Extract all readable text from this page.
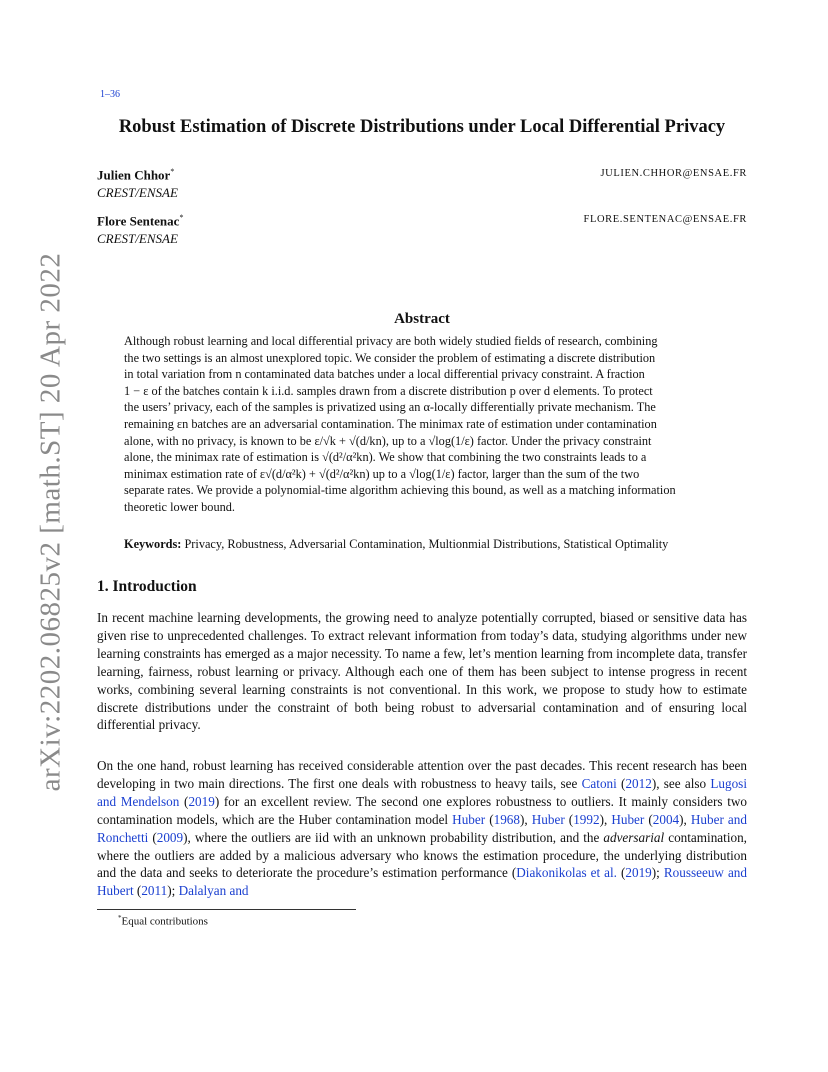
arXiv:2202.06825v2 [math.ST] 20 Apr 2022
1–36
Robust Estimation of Discrete Distributions under Local Differential Privacy
Julien Chhor*	JULIEN.CHHOR@ENSAE.FR
CREST/ENSAE
Flore Sentenac*	FLORE.SENTENAC@ENSAE.FR
CREST/ENSAE
Abstract
Although robust learning and local differential privacy are both widely studied fields of research, combining
the two settings is an almost unexplored topic. We consider the problem of estimating a discrete distribution
in total variation from n contaminated data batches under a local differential privacy constraint. A fraction
1 − ε of the batches contain k i.i.d. samples drawn from a discrete distribution p over d elements. To protect
the users’ privacy, each of the samples is privatized using an α-locally differentially private mechanism. The
remaining εn batches are an adversarial contamination. The minimax rate of estimation under contamination
alone, with no privacy, is known to be ε/√k + √(d/kn), up to a √log(1/ε) factor. Under the privacy constraint
alone, the minimax rate of estimation is √(d²/α²kn). We show that combining the two constraints leads to a
minimax estimation rate of ε√(d/α²k) + √(d²/α²kn) up to a √log(1/ε) factor, larger than the sum of the two
separate rates. We provide a polynomial-time algorithm achieving this bound, as well as a matching information
theoretic lower bound.
Keywords: Privacy, Robustness, Adversarial Contamination, Multionmial Distributions, Statistical Optimality
1. Introduction

In recent machine learning developments, the growing need to analyze potentially corrupted, biased or sensitive data has given rise to unprecedented challenges. To extract relevant information from today’s data, studying algorithms under new learning constraints has emerged as a major necessity. To name a few, let’s mention learning from incomplete data, transfer learning, fairness, robust learning or privacy. Although each one of them has been subject to intense progress in recent works, combining several learning constraints is not conventional. In this work, we propose to study how to estimate discrete distributions under the constraint of both being robust to adversarial contamination and of ensuring local differential privacy.

On the one hand, robust learning has received considerable attention over the past decades. This recent research has been developing in two main directions. The first one deals with robustness to heavy tails, see Catoni (2012), see also Lugosi and Mendelson (2019) for an excellent review. The second one explores robustness to outliers. It mainly considers two contamination models, which are the Huber contamination model Huber (1968), Huber (1992), Huber (2004), Huber and Ronchetti (2009), where the outliers are iid with an unknown probability distribution, and the adversarial contamination, where the outliers are added by a malicious adversary who knows the estimation procedure, the underlying distribution and the data and seeks to deteriorate the procedure’s estimation performance (Diakonikolas et al. (2019); Rousseeuw and Hubert (2011); Dalalyan and

*Equal contributions
